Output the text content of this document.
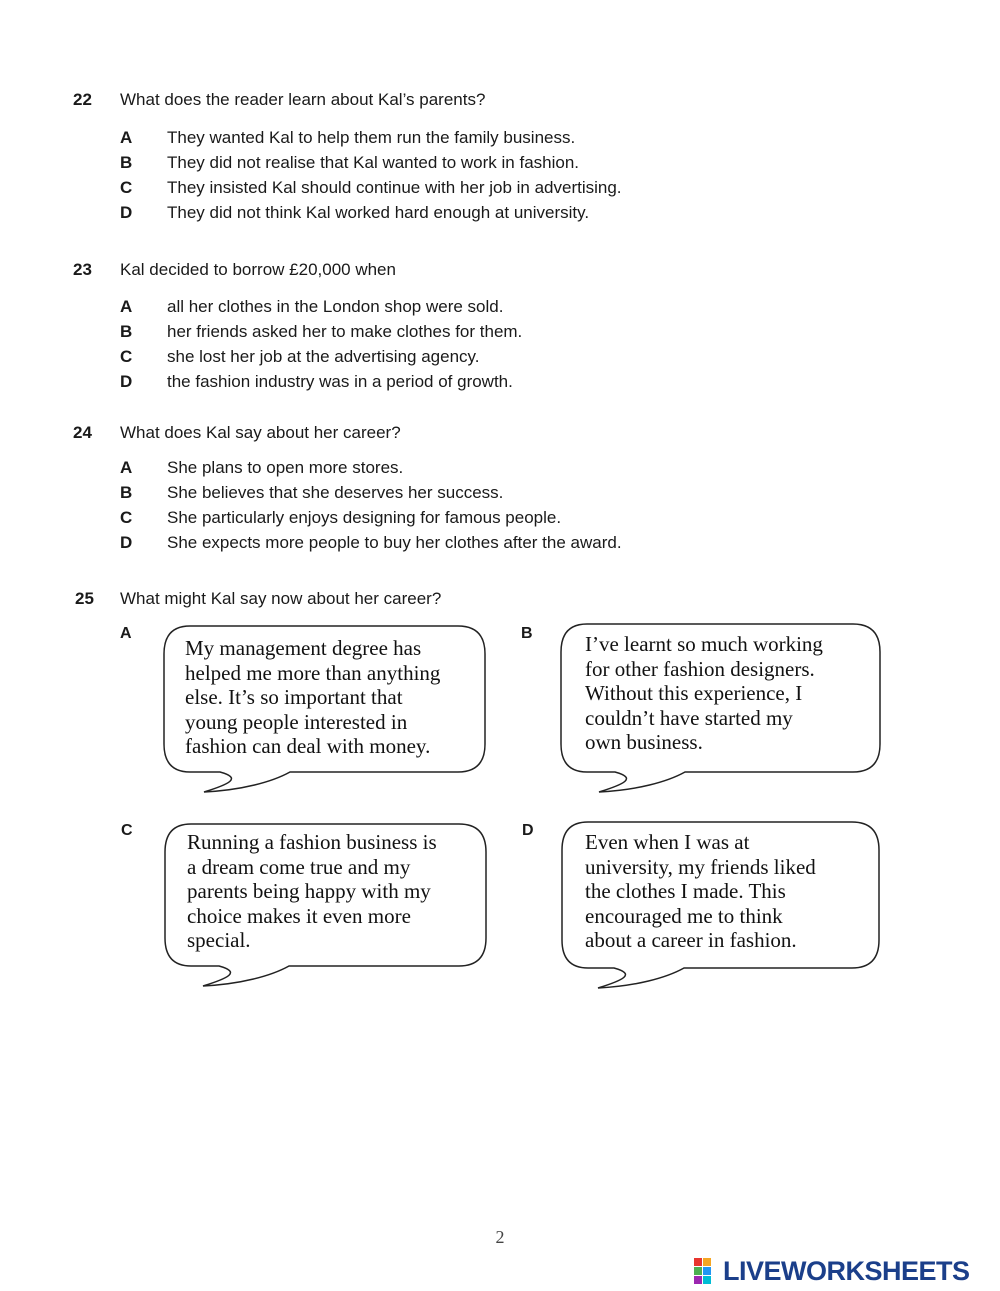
22	What does the reader learn about Kal’s parents?
A They wanted Kal to help them run the family business.
B They did not realise that Kal wanted to work in fashion.
C They insisted Kal should continue with her job in advertising.
D They did not think Kal worked hard enough at university.
23	Kal decided to borrow £20,000 when
A all her clothes in the London shop were sold.
B her friends asked her to make clothes for them.
C she lost her job at the advertising agency.
D the fashion industry was in a period of growth.
24	What does Kal say about her career?
A She plans to open more stores.
B She believes that she deserves her success.
C She particularly enjoys designing for famous people.
D She expects more people to buy her clothes after the award.
25	What might Kal say now about her career?
A
My management degree has
helped me more than anything
else. It’s so important that
young people interested in
fashion can deal with money.
B I’ve learnt so much working
for other fashion designers.
Without this experience, I
couldn’t have started my
own business.
C	Running a fashion business is
a dream come true and my
parents being happy with my
choice makes it even more
special.
D Even when I was at
university, my friends liked
the clothes I made. This
encouraged me to think
about a career in fashion.
2
LIVEWORKSHEETS
